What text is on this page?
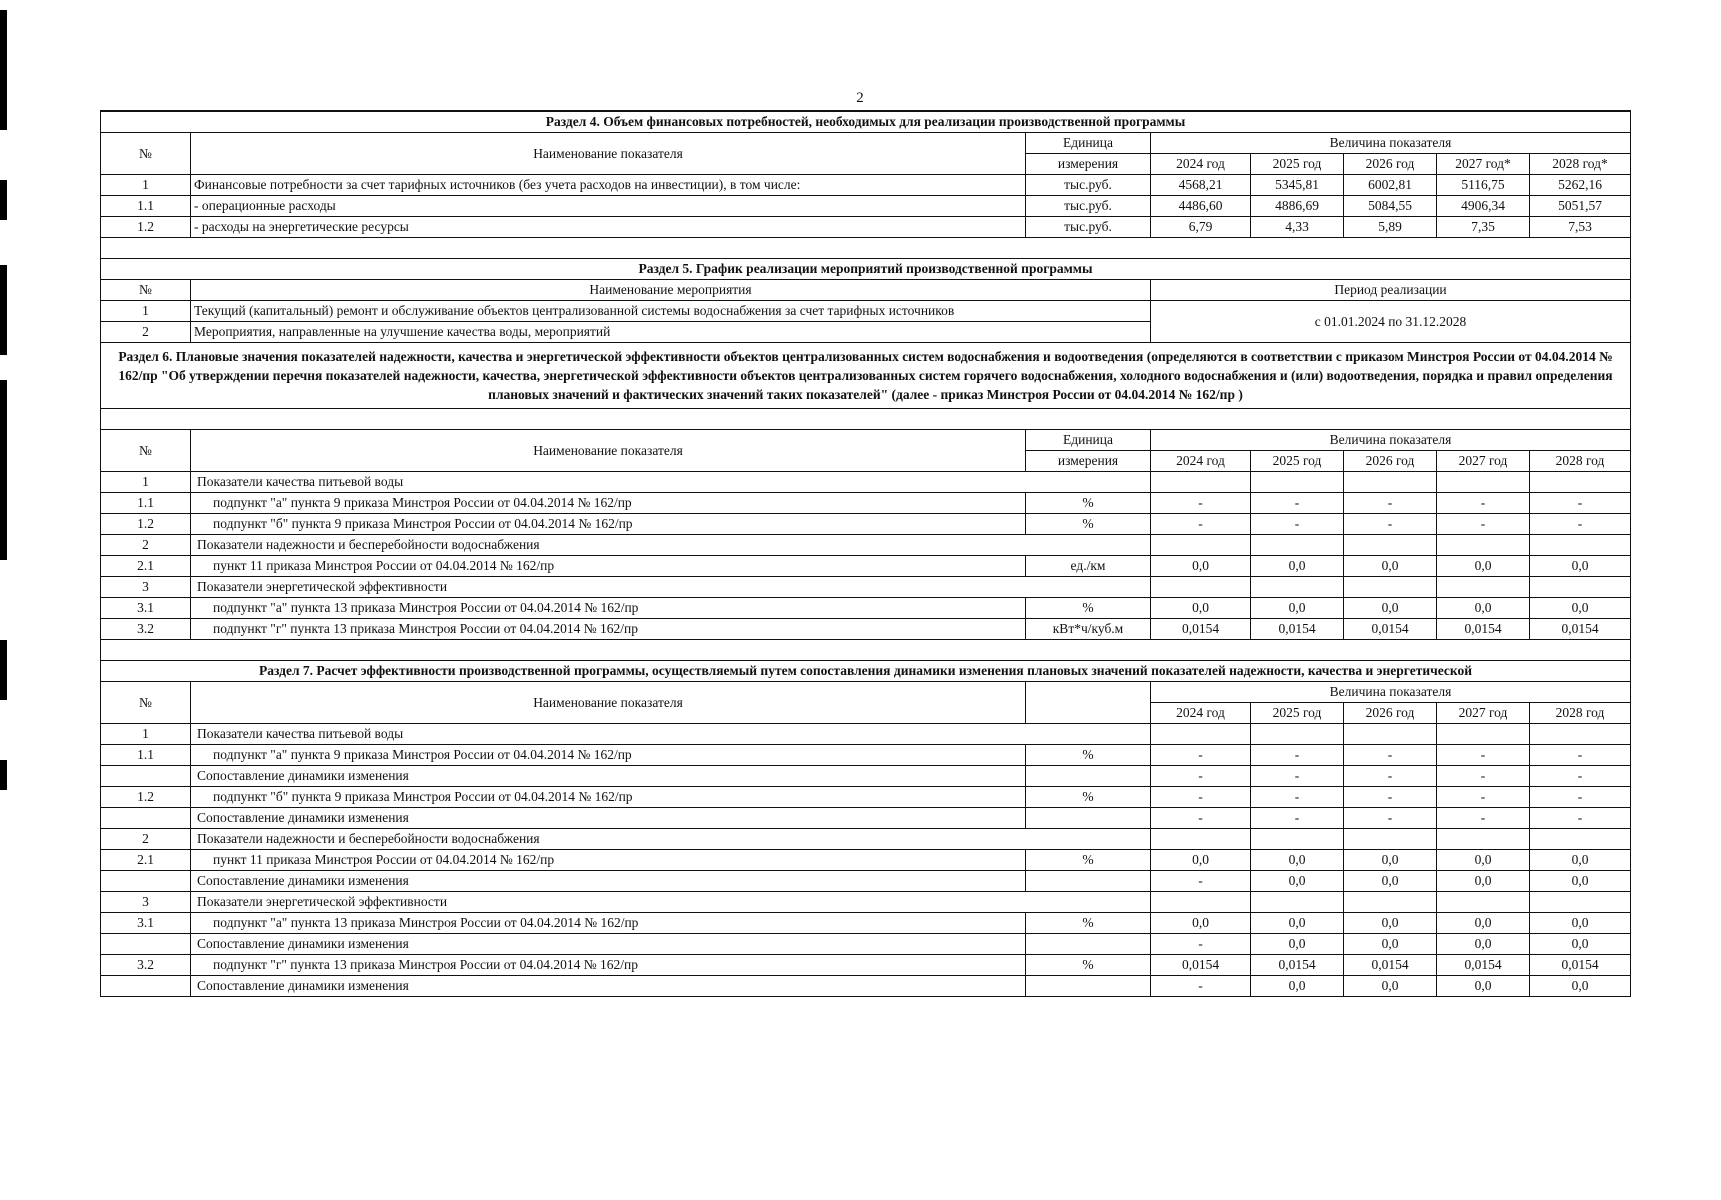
2
Раздел 4. Объем финансовых потребностей, необходимых для реализации производственной программы							
№	Наименование показателя	Единица	Величина показателя				
		измерения	2024 год	2025 год	2026 год	2027 год*	2028 год*
1	Финансовые потребности за счет тарифных источников (без учета расходов на инвестиции), в том числе:	тыс.руб.	4568,21	5345,81	6002,81	5116,75	5262,16
1.1	- операционные расходы	тыс.руб.	4486,60	4886,69	5084,55	4906,34	5051,57
1.2	- расходы на энергетические ресурсы	тыс.руб.	6,79	4,33	5,89	7,35	7,53

Раздел 5. График реализации мероприятий производственной программы							
№	Наименование мероприятия		Период реализации				
1	Текущий (капитальный) ремонт и обслуживание объектов централизованной системы водоснабжения за счет тарифных источников		с 01.01.2024 по 31.12.2028				
2	Мероприятия, направленные на улучшение качества воды, мероприятий						
Раздел 6. Плановые значения показателей надежности, качества и энергетической эффективности объектов централизованных систем водоснабжения и водоотведения (определяются в соответствии с приказом Минстроя России от 04.04.2014 № 162/пр "Об утверждении перечня показателей надежности, качества, энергетической эффективности объектов централизованных систем горячего водоснабжения, холодного водоснабжения и (или) водоотведения, порядка и правил определения плановых значений и фактических значений таких показателей" (далее - приказ Минстроя России от 04.04.2014 № 162/пр )							

№	Наименование показателя	Единица	Величина показателя				
		измерения	2024 год	2025 год	2026 год	2027 год	2028 год
1	Показатели качества питьевой воды						
1.1	подпункт "а" пункта 9 приказа Минстроя России от 04.04.2014 № 162/пр	%	-	-	-	-	-
1.2	подпункт "б" пункта 9 приказа Минстроя России от 04.04.2014 № 162/пр	%	-	-	-	-	-
2	Показатели надежности и бесперебойности водоснабжения						
2.1	пункт 11 приказа Минстроя России от 04.04.2014 № 162/пр	ед./км	0,0	0,0	0,0	0,0	0,0
3	Показатели энергетической эффективности						
3.1	подпункт "а" пункта 13 приказа Минстроя России от 04.04.2014 № 162/пр	%	0,0	0,0	0,0	0,0	0,0
3.2	подпункт "г" пункта 13 приказа Минстроя России от 04.04.2014 № 162/пр	кВт*ч/куб.м	0,0154	0,0154	0,0154	0,0154	0,0154

Раздел 7. Расчет эффективности производственной программы, осуществляемый путем сопоставления динамики изменения плановых значений показателей надежности, качества и энергетической							
№	Наименование показателя		Величина показателя				
			2024 год	2025 год	2026 год	2027 год	2028 год
1	Показатели качества питьевой воды						
1.1	подпункт "а" пункта 9 приказа Минстроя России от 04.04.2014 № 162/пр	%	-	-	-	-	-
	Сопоставление динамики изменения		-	-	-	-	-
1.2	подпункт "б" пункта 9 приказа Минстроя России от 04.04.2014 № 162/пр	%	-	-	-	-	-
	Сопоставление динамики изменения		-	-	-	-	-
2	Показатели надежности и бесперебойности водоснабжения						
2.1	пункт 11 приказа Минстроя России от 04.04.2014 № 162/пр	%	0,0	0,0	0,0	0,0	0,0
	Сопоставление динамики изменения		-	0,0	0,0	0,0	0,0
3	Показатели энергетической эффективности						
3.1	подпункт "а" пункта 13 приказа Минстроя России от 04.04.2014 № 162/пр	%	0,0	0,0	0,0	0,0	0,0
	Сопоставление динамики изменения		-	0,0	0,0	0,0	0,0
3.2	подпункт "г" пункта 13 приказа Минстроя России от 04.04.2014 № 162/пр	%	0,0154	0,0154	0,0154	0,0154	0,0154
	Сопоставление динамики изменения		-	0,0	0,0	0,0	0,0
